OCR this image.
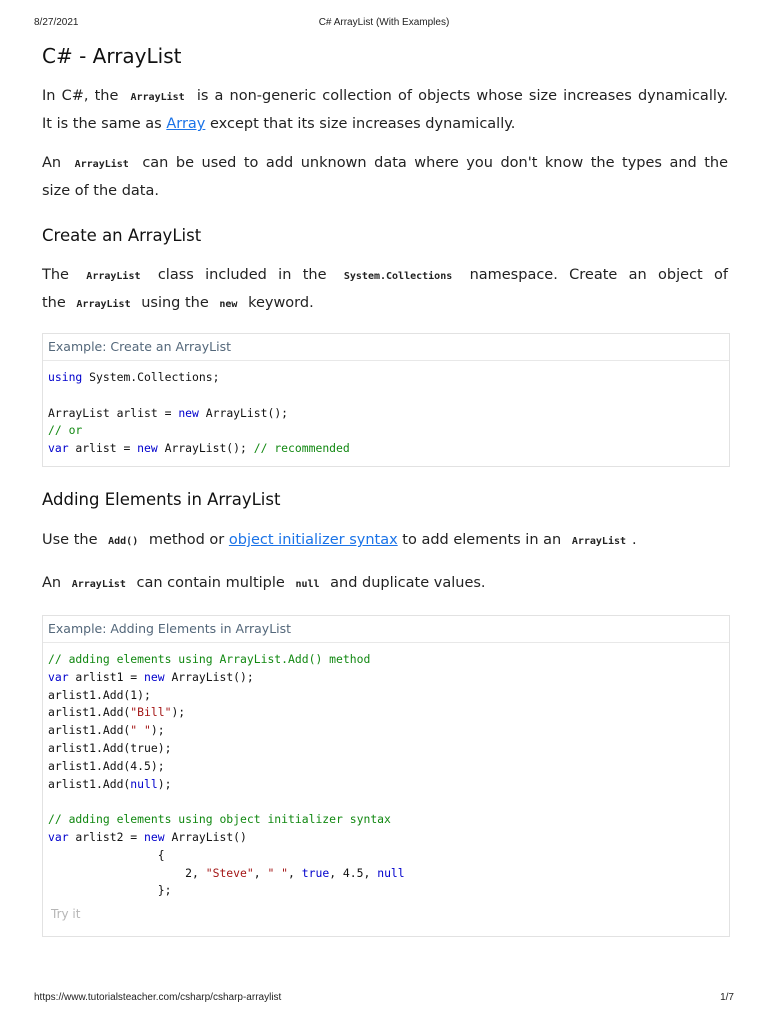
8/27/2021	C# ArrayList (With Examples)
C# - ArrayList
In C#, the ArrayList is a non-generic collection of objects whose size increases dynamically.
It is the same as Array except that its size increases dynamically.
An ArrayList can be used to add unknown data where you don't know the types and the
size of the data.
Create an ArrayList
The ArrayList class included in the System.Collections namespace. Create an object of
the ArrayList using the new keyword.
Example: Create an ArrayList
using System.Collections;
ArrayList arlist = new ArrayList();
// or
var arlist = new ArrayList(); // recommended
Adding Elements in ArrayList
Use the Add() method or object initializer syntax to add elements in an ArrayList .
An ArrayList can contain multiple null and duplicate values.
Example: Adding Elements in ArrayList
// adding elements using ArrayList.Add() method
var arlist1 = new ArrayList();
arlist1.Add(1);
arlist1.Add("Bill");
arlist1.Add(" ");
arlist1.Add(true);
arlist1.Add(4.5);
arlist1.Add(null);
// adding elements using object initializer syntax
var arlist2 = new ArrayList()
{
2, "Steve", " ", true, 4.5, null
};
Try it
https://www.tutorialsteacher.com/csharp/csharp-arraylist	1/7
